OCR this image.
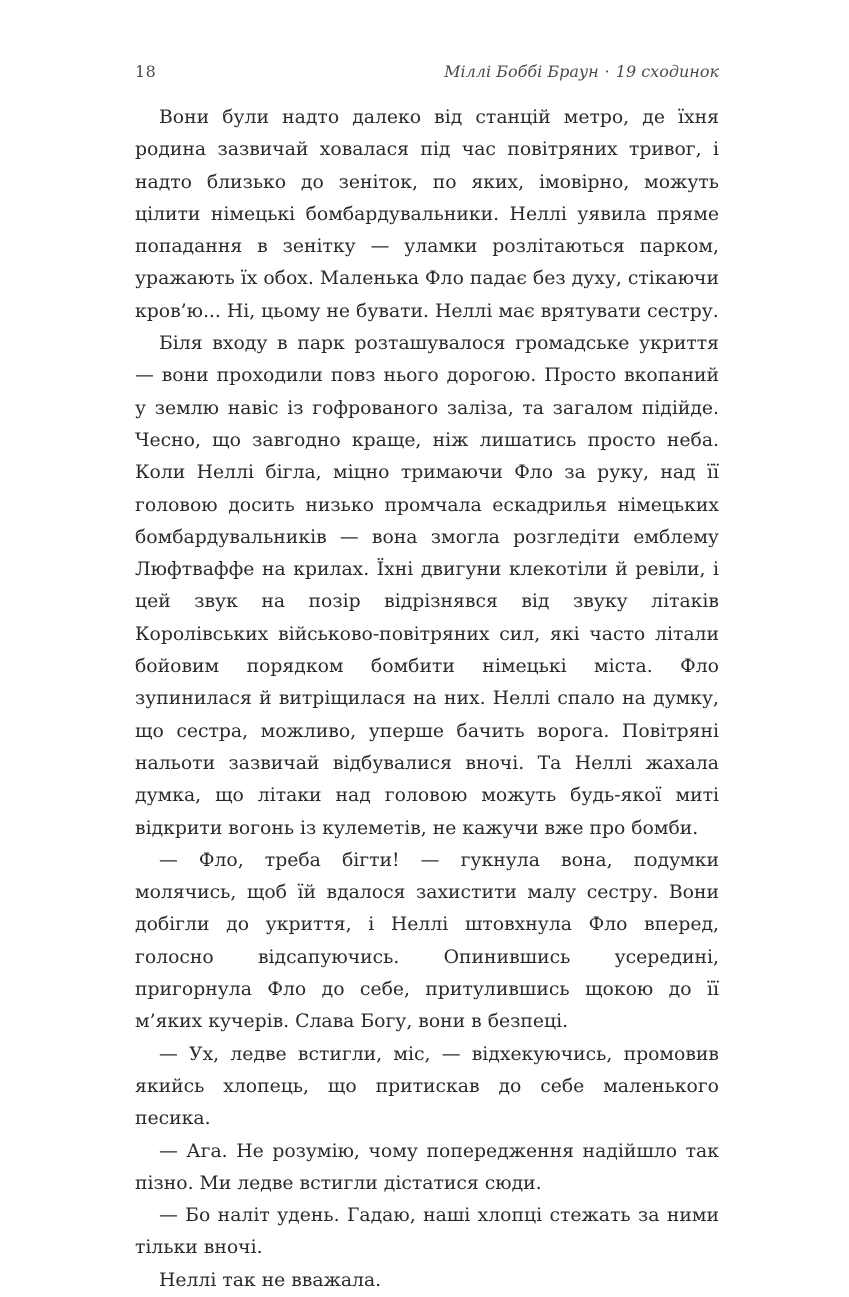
18	Міллі Боббі Браун · 19 сходинок

Вони були надто далеко від станцій метро, де їхня родина зазвичай ховалася під час повітряних тривог, і надто близько до зеніток, по яких, імовірно, можуть цілити німецькі бомбардувальники. Неллі уявила пряме попадання в зенітку — уламки розлітаються парком, уражають їх обох. Маленька Фло падає без духу, стікаючи кров’ю... Ні, цьому не бувати. Неллі має врятувати сестру.

Біля входу в парк розташувалося громадське укриття — вони проходили повз нього дорогою. Просто вкопаний у землю навіс із гофрованого заліза, та загалом підійде. Чесно, що завгодно краще, ніж лишатись просто неба. Коли Неллі бігла, міцно тримаючи Фло за руку, над її головою досить низько промчала ескадрилья німецьких бомбардувальників — вона змогла розгледіти емблему Люфтваффе на крилах. Їхні двигуни клекотіли й ревіли, і цей звук на позір відрізнявся від звуку літаків Королівських військово-повітряних сил, які часто літали бойовим порядком бомбити німецькі міста. Фло зупинилася й витріщилася на них. Неллі спало на думку, що сестра, можливо, уперше бачить ворога. Повітряні нальоти зазвичай відбувалися вночі. Та Неллі жахала думка, що літаки над головою можуть будь-якої миті відкрити вогонь із кулеметів, не кажучи вже про бомби.

— Фло, треба бігти! — гукнула вона, подумки молячись, щоб їй вдалося захистити малу сестру. Вони добігли до укриття, і Неллі штовхнула Фло вперед, голосно відсапуючись. Опинившись усередині, пригорнула Фло до себе, притулившись щокою до її м’яких кучерів. Слава Богу, вони в безпеці.

— Ух, ледве встигли, міс, — відхекуючись, промовив якийсь хлопець, що притискав до себе маленького песика.

— Ага. Не розумію, чому попередження надійшло так пізно. Ми ледве встигли дістатися сюди.

— Бо наліт удень. Гадаю, наші хлопці стежать за ними тільки вночі.

Неллі так не вважала.
